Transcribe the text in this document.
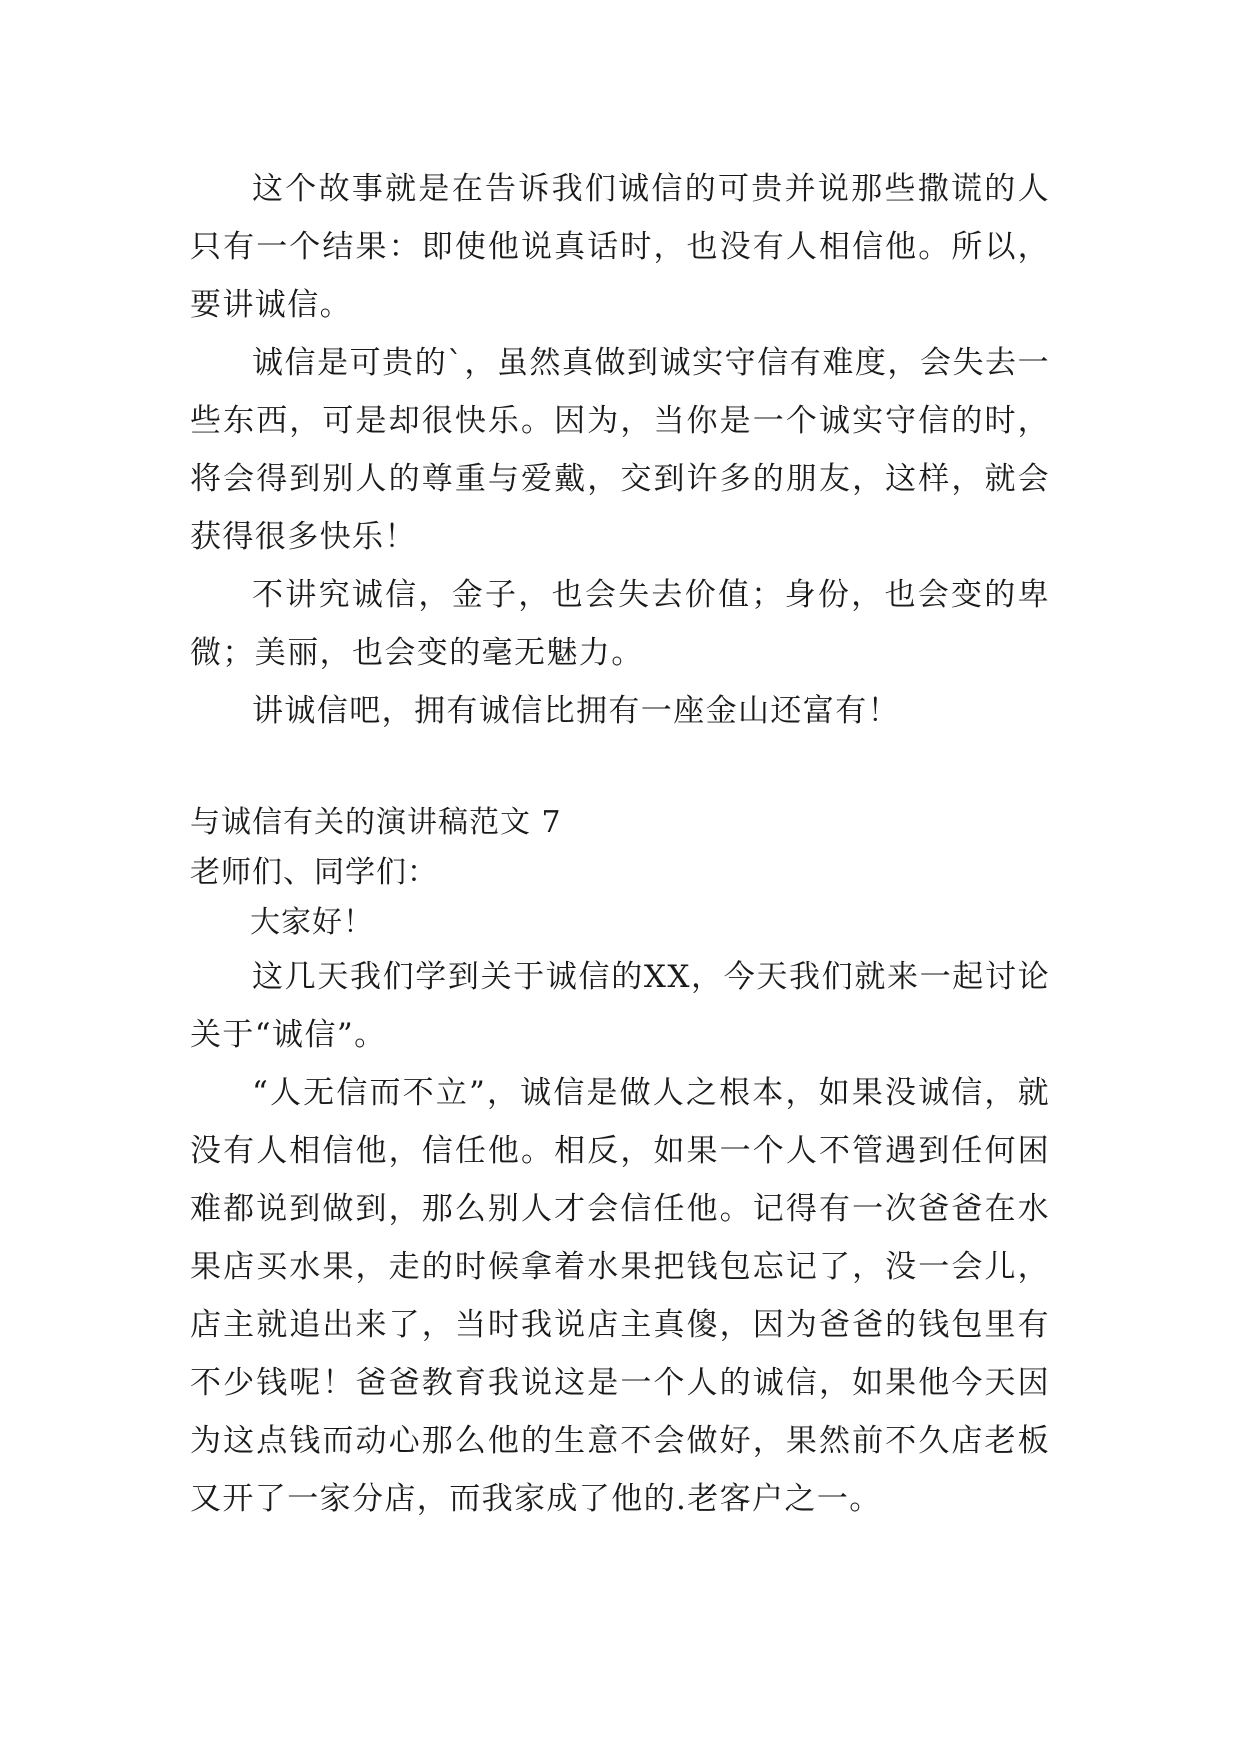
这个故事就是在告诉我们诚信的可贵并说那些撒谎的人只有一个结果：即使他说真话时，也没有人相信他。所以，要讲诚信。

诚信是可贵的`，虽然真做到诚实守信有难度，会失去一些东西，可是却很快乐。因为，当你是一个诚实守信的时，将会得到别人的尊重与爱戴，交到许多的朋友，这样，就会获得很多快乐！

不讲究诚信，金子，也会失去价值；身份，也会变的卑微；美丽，也会变的毫无魅力。

讲诚信吧，拥有诚信比拥有一座金山还富有！

与诚信有关的演讲稿范文 7

老师们、同学们：

大家好！

这几天我们学到关于诚信的XX，今天我们就来一起讨论关于“诚信”。

“人无信而不立”，诚信是做人之根本，如果没诚信，就没有人相信他，信任他。相反，如果一个人不管遇到任何困难都说到做到，那么别人才会信任他。记得有一次爸爸在水果店买水果，走的时候拿着水果把钱包忘记了，没一会儿，店主就追出来了，当时我说店主真傻，因为爸爸的钱包里有不少钱呢！爸爸教育我说这是一个人的诚信，如果他今天因为这点钱而动心那么他的生意不会做好，果然前不久店老板又开了一家分店，而我家成了他的.老客户之一。
